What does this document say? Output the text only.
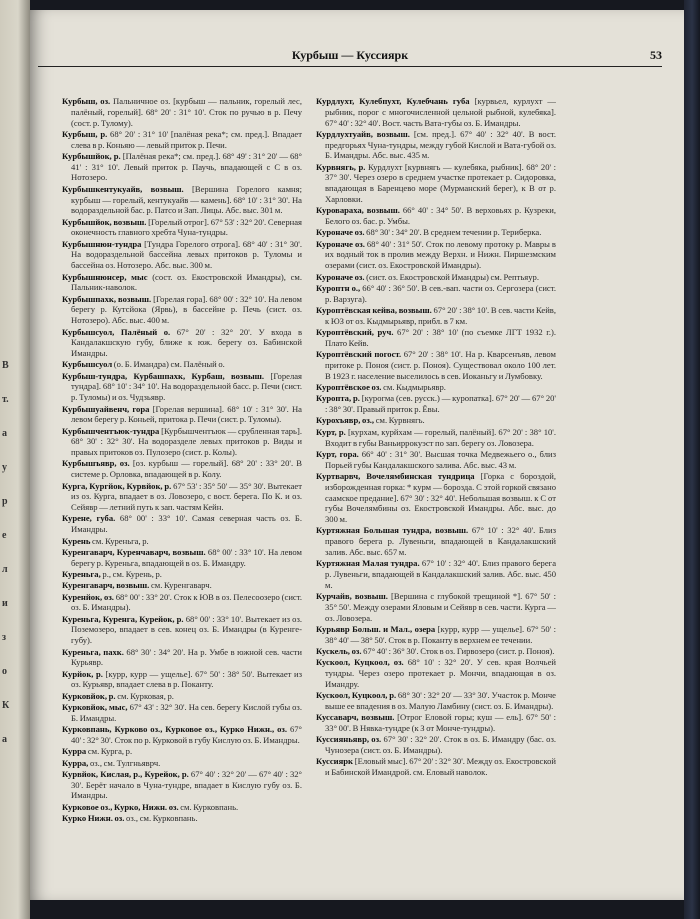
В
т.
а
у
р
е
л
и
з
о
К
а
Курбыш — Куссиярк	53

Курбыш, оз. Пальничное оз. [курбыш — пальник, горелый лес, палёный, горелый]. 68° 20' : 31° 10'. Сток по ручью в р. Печу (сост. р. Тулому).

Курбыш, р. 68° 20' : 31° 10' [палёная река*; см. пред.]. Впадает слева в р. Коньяю — левый приток р. Печи.

Курбышйок, р. [Палёная река*; см. пред.]. 68° 49' : 31° 20' — 68° 41' : 31° 10'. Левый приток р. Паучь, впадающей с С в оз. Нотозеро.

Курбышкентукуайв, возвыш. [Вершина Горелого камня; курбыш — горелый, кентукуайв — камень]. 68° 10' : 31° 30'. На водораздельной бас. р. Патсо и Зап. Лицы. Абс. выс. 301 м.

Курбышйок, возвыш. [Горелый отрог]. 67° 53' : 32° 20'. Северная оконечность главного хребта Чуна-тундры.

Курбышнюн-тундра [Тундра Горелого отрога]. 68° 40' : 31° 30'. На водораздельной бассейна левых притоков р. Туломы и бассейна оз. Нотозеро. Абс. выс. 300 м.

Курбышнюнсер, мыс (сост. оз. Екостровской Имандры), см. Пальник-наволок.

Курбышпахк, возвыш. [Горелая гора]. 68° 00' : 32° 10'. На левом берегу р. Кутсйока (Ярвь), в бассейне р. Печь (сист. оз. Нотозеро). Абс. выс. 400 м.

Курбышсуол, Палёный о. 67° 20' : 32° 20'. У входа в Кандалакшскую губу, ближе к юж. берегу оз. Бабинской Имандры.

Курбышсуол (о. Б. Имандра) см. Палёный о.

Курбыш-тундра, Курбашпахк, Курбаш, возвыш. [Горелая тундра]. 68° 10' : 34° 10'. На водораздельной басс. р. Печи (сист. р. Туломы) и оз. Чудзьявр.

Курбышуайвенч, гора [Горелая вершина]. 68° 10' : 31° 30'. На левом берегу р. Коньей, притока р. Печи (сист. р. Туломы).

Курбышчентъюк-тундра [Курбышчентъюк — срубленная тарь]. 68° 30' : 32° 30'. На водоразделе левых притоков р. Виды и правых притоков оз. Пулозеро (сист. р. Колы).

Курбышъявр, оз. [оз. курбыш — горелый]. 68° 20' : 33° 20'. В системе р. Орловка, впадающей в р. Колу.

Курга, Кургйок, Курвйок, р. 67° 53' : 35° 50' — 35° 30'. Вытекает из оз. Курга, впадает в оз. Ловозеро, с вост. берега. По К. и оз. Сейявр — летний путь к зап. частям Кейн.

Курене, губа. 68° 00' : 33° 10'. Самая северная часть оз. Б. Имандры.

Курень см. Куреньга, р.

Куренгаварч, Куренчаварч, возвыш. 68° 00' : 33° 10'. На левом берегу р. Куреньга, впадающей в оз. Б. Имандру.

Куреньга, р., см. Курень, р.

Куренгаварч, возвыш. см. Куренгаварч.

Куренйок, оз. 68° 00' : 33° 20'. Сток к ЮВ в оз. Пелесоозеро (сист. оз. Б. Имандры).

Куреньга, Куренга, Курейок, р. 68° 00' : 33° 10'. Вытекает из оз. Поземозеро, впадает в сев. конец оз. Б. Имандры (в Куренге-губу).

Куреньга, пахк. 68° 30' : 34° 20'. На р. Умбе в южной сев. части Курьявр.

Курйок, р. [курр, курр — ущелье]. 67° 50' : 38° 50'. Вытекает из оз. Курьявр, впадает слева в р. Поканту.

Курковйок, р. см. Курковая, р.

Курковйок, мыс, 67° 43' : 32° 30'. На сев. берегу Кислой губы оз. Б. Имандры.

Курковпань, Курково оз., Курковое оз., Курко Нижн., оз. 67° 40' : 32° 30'. Сток по р. Курковой в губу Кислую оз. Б. Имандры.

Курра см. Курга, р.

Курра, оз., см. Тулгньяврч.

Курвйок, Кислая, р., Курейок, р. 67° 40' : 32° 20' — 67° 40' : 32° 30'. Берёт начало в Чуна-тундре, впадает в Кислую губу оз. Б. Имандры.

Курковое оз., Курко, Нижн. оз. см. Курковпань.

Курко Нижн. оз. оз., см. Курковпань.

Курдлухт, Кулебпухт, Кулебчань губа [курвьел, курлухт — рыбник, порог с многочисленной цельной рыбной, кулебяка]. 67° 40' : 32° 40'. Вост. часть Вата-губы оз. Б. Имандры.

Курдлухтуайв, возвыш. [см. пред.]. 67° 40' : 32° 40'. В вост. предгорьях Чуна-тундры, между губой Кислой и Вата-губой оз. Б. Имандры. Абс. выс. 435 м.

Курвнягь, р. Курдлухт [курвнягь — кулебяка, рыбник]. 68° 20' : 37° 30'. Через озеро в среднем участке протекает р. Сидоровка, впадающая в Баренцево море (Мурманский берег), к В от р. Харловки.

Куровараха, возвыш. 66° 40' : 34° 50'. В верховьях р. Кузреки, Белого оз. бас. р. Умбы.

Куроначе оз. 68° 30' : 34° 20'. В среднем течении р. Териберка.

Куроначе оз. 68° 40' : 31° 50'. Сток по левому протоку р. Мавры в их водный ток в пролив между Верхн. и Нижн. Пиршезмским озерами (сист. оз. Екостровской Имандры).

Куроначе оз. (сист. оз. Екостровской Имандры) см. Рептьяур.

Куроптн о., 66° 40' : 36° 50'. В сев.-вап. части оз. Сергозера (сист. р. Варзуга).

Куроптёвская кейва, возвыш. 67° 20' : 38° 10'. В сев. части Кейв, к ЮЗ от оз. Кыдмырьявр, прибл. в 7 км.

Куроптёвский, руч. 67° 20' : 38° 10' (по съемке ЛГТ 1932 г.). Плато Кейв.

Куроптёвский погост. 67° 20' : 38° 10'. На р. Кварсенъяв, левом притоке р. Поноя (сист. р. Поноя). Существовал около 100 лет. В 1923 г. население выселилось в сев. Иоканьгу и Лумбовку.

Куроптёвское оз. см. Кыдмырьявр.

Куропта, р. [курогма (сев. русск.) — куропатка]. 67° 20' — 67° 20' : 38° 30'. Правый приток р. Ёвы.

Курохъявр, оз., см. Курвнягь.

Курт, р. [курхам, курйхам — горелый, палёный]. 67° 20' : 38° 10'. Входит в губы Ваньиррокуэст по зап. берегу оз. Ловозера.

Курт, гора. 66° 40' : 31° 30'. Высшая точка Медвежьего о., близ Порьей губы Кандалакшского залива. Абс. выс. 43 м.

Куртварвч, Вочелямбинская тундрица [Горка с бороздой, изборожденная горка: * курм — борозда. С этой горкой связано саамское предание]. 67° 30' : 32° 40'. Небольшая возвыш. к С от губы Вочелямбины оз. Екостровской Имандры. Абс. выс. до 300 м.

Куртяжная Большая тундра, возвыш. 67° 10' : 32° 40'. Близ правого берега р. Лувеньги, впадающей в Кандалакшский залив. Абс. выс. 657 м.

Куртяжная Малая тундра. 67° 10' : 32° 40'. Близ правого берега р. Лувеньги, впадающей в Кандалакшский залив. Абс. выс. 450 м.

Курчайв, возвыш. [Вершина с глубокой трещиной *]. 67° 50' : 35° 50'. Между озерами Яловым и Сейявр в сев. части. Курга — оз. Ловозера.

Курьявр Больш. и Мал., озера [курр, курр — ущелье]. 67° 50' : 38° 40' — 38° 50'. Сток в р. Поканту в верхнем ее течении.

Кускель, оз. 67° 40' : 36° 30'. Сток в оз. Гирвозеро (сист. р. Поноя).

Кускоол, Куцкоол, оз. 68° 10' : 32° 20'. У сев. края Волчьей тундры. Через озеро протекает р. Мончи, впадающая в оз. Имандру.

Кускоол, Куцкоол, р. 68° 30' : 32° 20' — 33° 30'. Участок р. Монче выше ее впадения в оз. Малую Ламбину (сист. оз. Б. Имандры).

Куссаварч, возвыш. [Отрог Еловой горы; куш — ель]. 67° 50' : 33° 00'. В Нявка-тундре (к З от Монче-тундры).

Куссияньявр, оз. 67° 30' : 32° 20'. Сток в оз. Б. Имандру (бас. оз. Чунозера (сист. оз. Б. Имандры).

Куссиярк [Еловый мыс]. 67° 20' : 32° 30'. Между оз. Екостровской и Бабинской Имандрой. см. Еловый наволок.
